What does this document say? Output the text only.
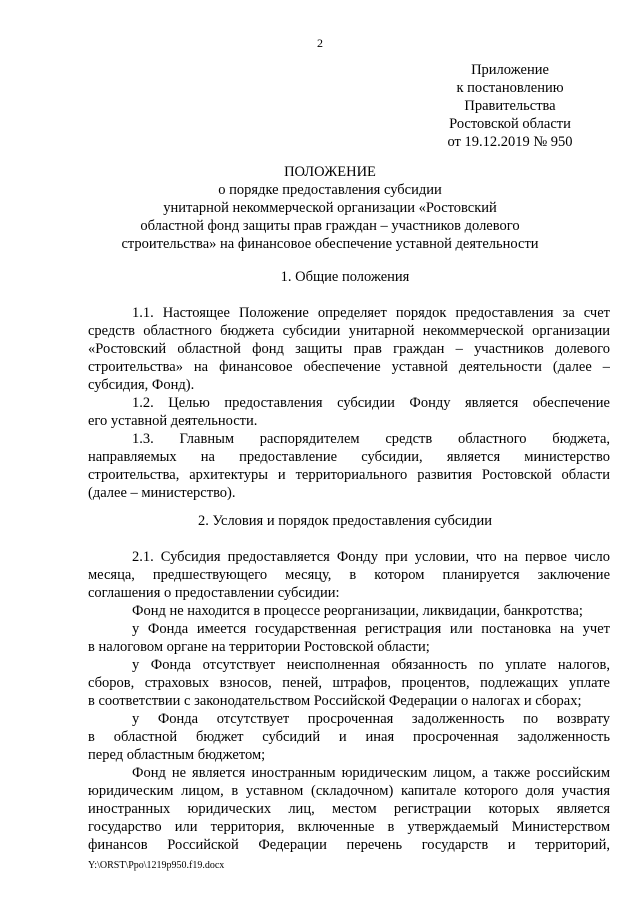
2
Приложение
к постановлению
Правительства
Ростовской области
от 19.12.2019 № 950
ПОЛОЖЕНИЕ
о порядке предоставления субсидии
унитарной некоммерческой организации «Ростовский
областной фонд защиты прав граждан – участников долевого
строительства» на финансовое обеспечение уставной деятельности
1. Общие положения
1.1. Настоящее Положение определяет порядок предоставления за счет
средств областного бюджета субсидии унитарной некоммерческой организации
«Ростовский областной фонд защиты прав граждан – участников долевого
строительства» на финансовое обеспечение уставной деятельности (далее –
субсидия, Фонд).
1.2. Целью предоставления субсидии Фонду является обеспечение
его уставной деятельности.
1.3. Главным распорядителем средств областного бюджета,
направляемых на предоставление субсидии, является министерство
строительства, архитектуры и территориального развития Ростовской области
(далее – министерство).
2. Условия и порядок предоставления субсидии
2.1. Субсидия предоставляется Фонду при условии, что на первое число
месяца, предшествующего месяцу, в котором планируется заключение
соглашения о предоставлении субсидии:
Фонд не находится в процессе реорганизации, ликвидации, банкротства;
у Фонда имеется государственная регистрация или постановка на учет
в налоговом органе на территории Ростовской области;
у Фонда отсутствует неисполненная обязанность по уплате налогов,
сборов, страховых взносов, пеней, штрафов, процентов, подлежащих уплате
в соответствии с законодательством Российской Федерации о налогах и сборах;
у Фонда отсутствует просроченная задолженность по возврату
в областной бюджет субсидий и иная просроченная задолженность
перед областным бюджетом;
Фонд не является иностранным юридическим лицом, а также российским
юридическим лицом, в уставном (складочном) капитале которого доля участия
иностранных юридических лиц, местом регистрации которых является
государство или территория, включенные в утверждаемый Министерством
финансов Российской Федерации перечень государств и территорий,
Y:\ORST\Ppo\1219p950.f19.docx
